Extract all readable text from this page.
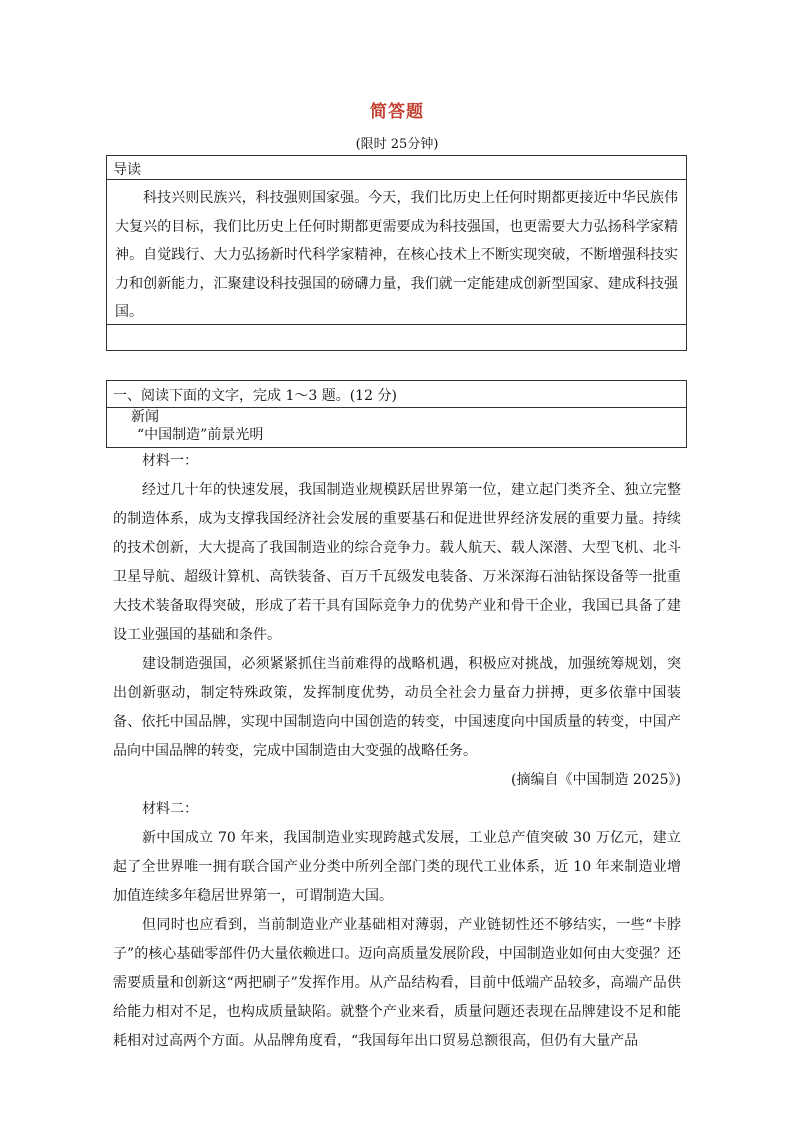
简答题
(限时 25分钟)
导读
科技兴则民族兴，科技强则国家强。今天，我们比历史上任何时期都更接近中华民族伟大复兴的目标，我们比历史上任何时期都更需要成为科技强国，也更需要大力弘扬科学家精神。自觉践行、大力弘扬新时代科学家精神，在核心技术上不断实现突破，不断增强科技实力和创新能力，汇聚建设科技强国的磅礴力量，我们就一定能建成创新型国家、建成科技强国。
一、阅读下面的文字，完成 1～3 题。(12 分)
新闻
“中国制造”前景光明

材料一：

经过几十年的快速发展，我国制造业规模跃居世界第一位，建立起门类齐全、独立完整的制造体系，成为支撑我国经济社会发展的重要基石和促进世界经济发展的重要力量。持续的技术创新，大大提高了我国制造业的综合竞争力。载人航天、载人深潜、大型飞机、北斗卫星导航、超级计算机、高铁装备、百万千瓦级发电装备、万米深海石油钻探设备等一批重大技术装备取得突破，形成了若干具有国际竞争力的优势产业和骨干企业，我国已具备了建设工业强国的基础和条件。

建设制造强国，必须紧紧抓住当前难得的战略机遇，积极应对挑战，加强统筹规划，突出创新驱动，制定特殊政策，发挥制度优势，动员全社会力量奋力拼搏，更多依靠中国装备、依托中国品牌，实现中国制造向中国创造的转变，中国速度向中国质量的转变，中国产品向中国品牌的转变，完成中国制造由大变强的战略任务。

(摘编自《中国制造 2025》)

材料二：

新中国成立 70 年来，我国制造业实现跨越式发展，工业总产值突破 30 万亿元，建立起了全世界唯一拥有联合国产业分类中所列全部门类的现代工业体系，近 10 年来制造业增加值连续多年稳居世界第一，可谓制造大国。

但同时也应看到，当前制造业产业基础相对薄弱，产业链韧性还不够结实，一些“卡脖子”的核心基础零部件仍大量依赖进口。迈向高质量发展阶段，中国制造业如何由大变强？还需要质量和创新这“两把刷子”发挥作用。从产品结构看，目前中低端产品较多，高端产品供给能力相对不足，也构成质量缺陷。就整个产业来看，质量问题还表现在品牌建设不足和能耗相对过高两个方面。从品牌角度看，“我国每年出口贸易总额很高，但仍有大量产品
